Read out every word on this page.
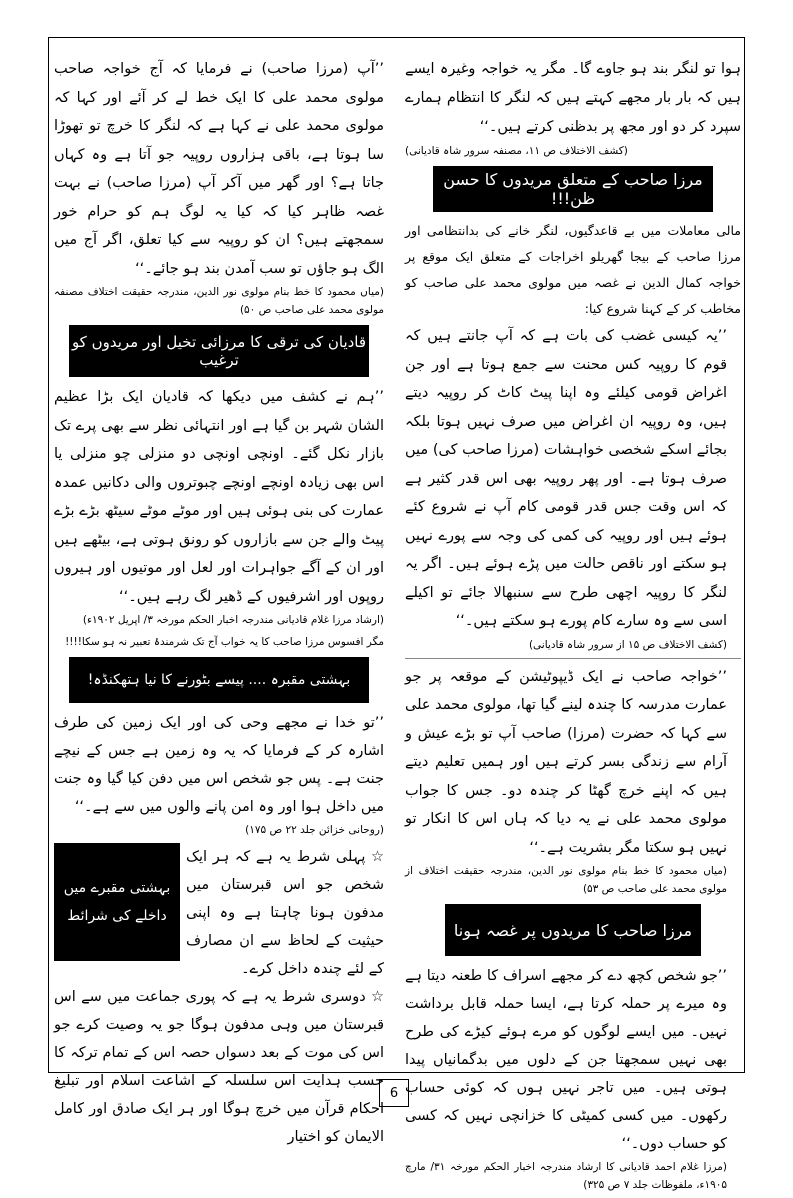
ہوا تو لنگر بند ہو جاوے گا۔ مگر یہ خواجہ وغیرہ ایسے ہیں کہ بار بار مجھے کہتے ہیں کہ لنگر کا انتظام ہمارے سپرد کر دو اور مجھ پر بدظنی کرتے ہیں۔‘‘

(کشف الاختلاف ص ۱۱، مصنفہ سرور شاہ قادیانی)

مرزا صاحب کے متعلق مریدوں کا حسن ظن!!!

مالی معاملات میں بے قاعدگیوں، لنگر خانے کی بدانتظامی اور مرزا صاحب کے بیجا گھریلو اخراجات کے متعلق ایک موقع پر خواجہ کمال الدین نے غصہ میں مولوی محمد علی صاحب کو مخاطب کر کے کہنا شروع کیا:

’’یہ کیسی غضب کی بات ہے کہ آپ جانتے ہیں کہ قوم کا روپیہ کس محنت سے جمع ہوتا ہے اور جن اغراض قومی کیلئے وہ اپنا پیٹ کاٹ کر روپیہ دیتے ہیں، وہ روپیہ ان اغراض میں صرف نہیں ہوتا بلکہ بجائے اسکے شخصی خواہشات (مرزا صاحب کی) میں صرف ہوتا ہے۔ اور پھر روپیہ بھی اس قدر کثیر ہے کہ اس وقت جس قدر قومی کام آپ نے شروع کئے ہوئے ہیں اور روپیہ کی کمی کی وجہ سے پورے نہیں ہو سکتے اور ناقص حالت میں پڑے ہوئے ہیں۔ اگر یہ لنگر کا روپیہ اچھی طرح سے سنبھالا جائے تو اکیلے اسی سے وہ سارے کام پورے ہو سکتے ہیں۔‘‘

(کشف الاختلاف ص ۱۵ از سرور شاہ قادیانی)

’’خواجہ صاحب نے ایک ڈیپوٹیشن کے موقعہ پر جو عمارت مدرسہ کا چندہ لینے گیا تھا، مولوی محمد علی سے کہا کہ حضرت (مرزا) صاحب آپ تو بڑے عیش و آرام سے زندگی بسر کرتے ہیں اور ہمیں تعلیم دیتے ہیں کہ اپنے خرچ گھٹا کر چندہ دو۔ جس کا جواب مولوی محمد علی نے یہ دیا کہ ہاں اس کا انکار تو نہیں ہو سکتا مگر بشریت ہے۔‘‘

(میاں محمود کا خط بنام مولوی نور الدین، مندرجہ حقیقت اختلاف از مولوی محمد علی صاحب ص ۵۳)

مرزا صاحب کا مریدوں پر غصہ ہونا

’’جو شخص کچھ دے کر مجھے اسراف کا طعنہ دیتا ہے وہ میرے پر حملہ کرتا ہے، ایسا حملہ قابل برداشت نہیں۔ میں ایسے لوگوں کو مرے ہوئے کیڑے کی طرح بھی نہیں سمجھتا جن کے دلوں میں بدگمانیاں پیدا ہوتی ہیں۔ میں تاجر نہیں ہوں کہ کوئی حساب رکھوں۔ میں کسی کمیٹی کا خزانچی نہیں کہ کسی کو حساب دوں۔‘‘

(مرزا غلام احمد قادیانی کا ارشاد مندرجہ اخبار الحکم مورخہ ۳۱/ مارچ ۱۹۰۵ء، ملفوظات جلد ۷ ص ۳۲۵)

’’آپ (مرزا صاحب) نے فرمایا کہ آج خواجہ صاحب مولوی محمد علی کا ایک خط لے کر آئے اور کہا کہ مولوی محمد علی نے کہا ہے کہ لنگر کا خرچ تو تھوڑا سا ہوتا ہے، باقی ہزاروں روپیہ جو آتا ہے وہ کہاں جاتا ہے؟ اور گھر میں آکر آپ (مرزا صاحب) نے بہت غصہ ظاہر کیا کہ کیا یہ لوگ ہم کو حرام خور سمجھتے ہیں؟ ان کو روپیہ سے کیا تعلق، اگر آج میں الگ ہو جاؤں تو سب آمدن بند ہو جائے۔‘‘

(میاں محمود کا خط بنام مولوی نور الدین، مندرجہ حقیقت اختلاف مصنفہ مولوی محمد علی صاحب ص ۵۰)

قادیان کی ترقی کا مرزائی تخیل اور مریدوں کو ترغیب

’’ہم نے کشف میں دیکھا کہ قادیان ایک بڑا عظیم الشان شہر بن گیا ہے اور انتہائی نظر سے بھی پرے تک بازار نکل گئے۔ اونچی اونچی دو منزلی چو منزلی یا اس بھی زیادہ اونچے اونچے چبوتروں والی دکانیں عمدہ عمارت کی بنی ہوئی ہیں اور موٹے موٹے سیٹھ بڑے بڑے پیٹ والے جن سے بازاروں کو رونق ہوتی ہے، بیٹھے ہیں اور ان کے آگے جواہرات اور لعل اور موتیوں اور ہیروں روپوں اور اشرفیوں کے ڈھیر لگ رہے ہیں۔‘‘

(ارشاد مرزا غلام قادیانی مندرجہ اخبار الحکم مورخہ ۳/ اپریل ۱۹۰۲ء)

مگر افسوس مرزا صاحب کا یہ خواب آج تک شرمندۂ تعبیر نہ ہو سکا!!!!

بہشتی مقبرہ .... پیسے بٹورنے کا نیا ہتھکنڈہ!

’’تو خدا نے مجھے وحی کی اور ایک زمین کی طرف اشارہ کر کے فرمایا کہ یہ وہ زمین ہے جس کے نیچے جنت ہے۔ پس جو شخص اس میں دفن کیا گیا وہ جنت میں داخل ہوا اور وہ امن پانے والوں میں سے ہے۔‘‘

(روحانی خزائن جلد ۲۲ ص ۱۷۵)

☆ پہلی شرط یہ ہے کہ ہر ایک شخص جو اس قبرستان میں مدفون ہونا چاہتا ہے وہ اپنی حیثیت کے لحاظ سے ان مصارف کے لئے چندہ داخل کرے۔

بہشتی مقبرے میں داخلے کی شرائط

☆ دوسری شرط یہ ہے کہ پوری جماعت میں سے اس قبرستان میں وہی مدفون ہوگا جو یہ وصیت کرے جو اس کی موت کے بعد دسواں حصہ اس کے تمام ترکہ کا حسب ہدایت اس سلسلہ کے اشاعت اسلام اور تبلیغ احکام قرآن میں خرچ ہوگا اور ہر ایک صادق اور کامل الایمان کو اختیار

6
